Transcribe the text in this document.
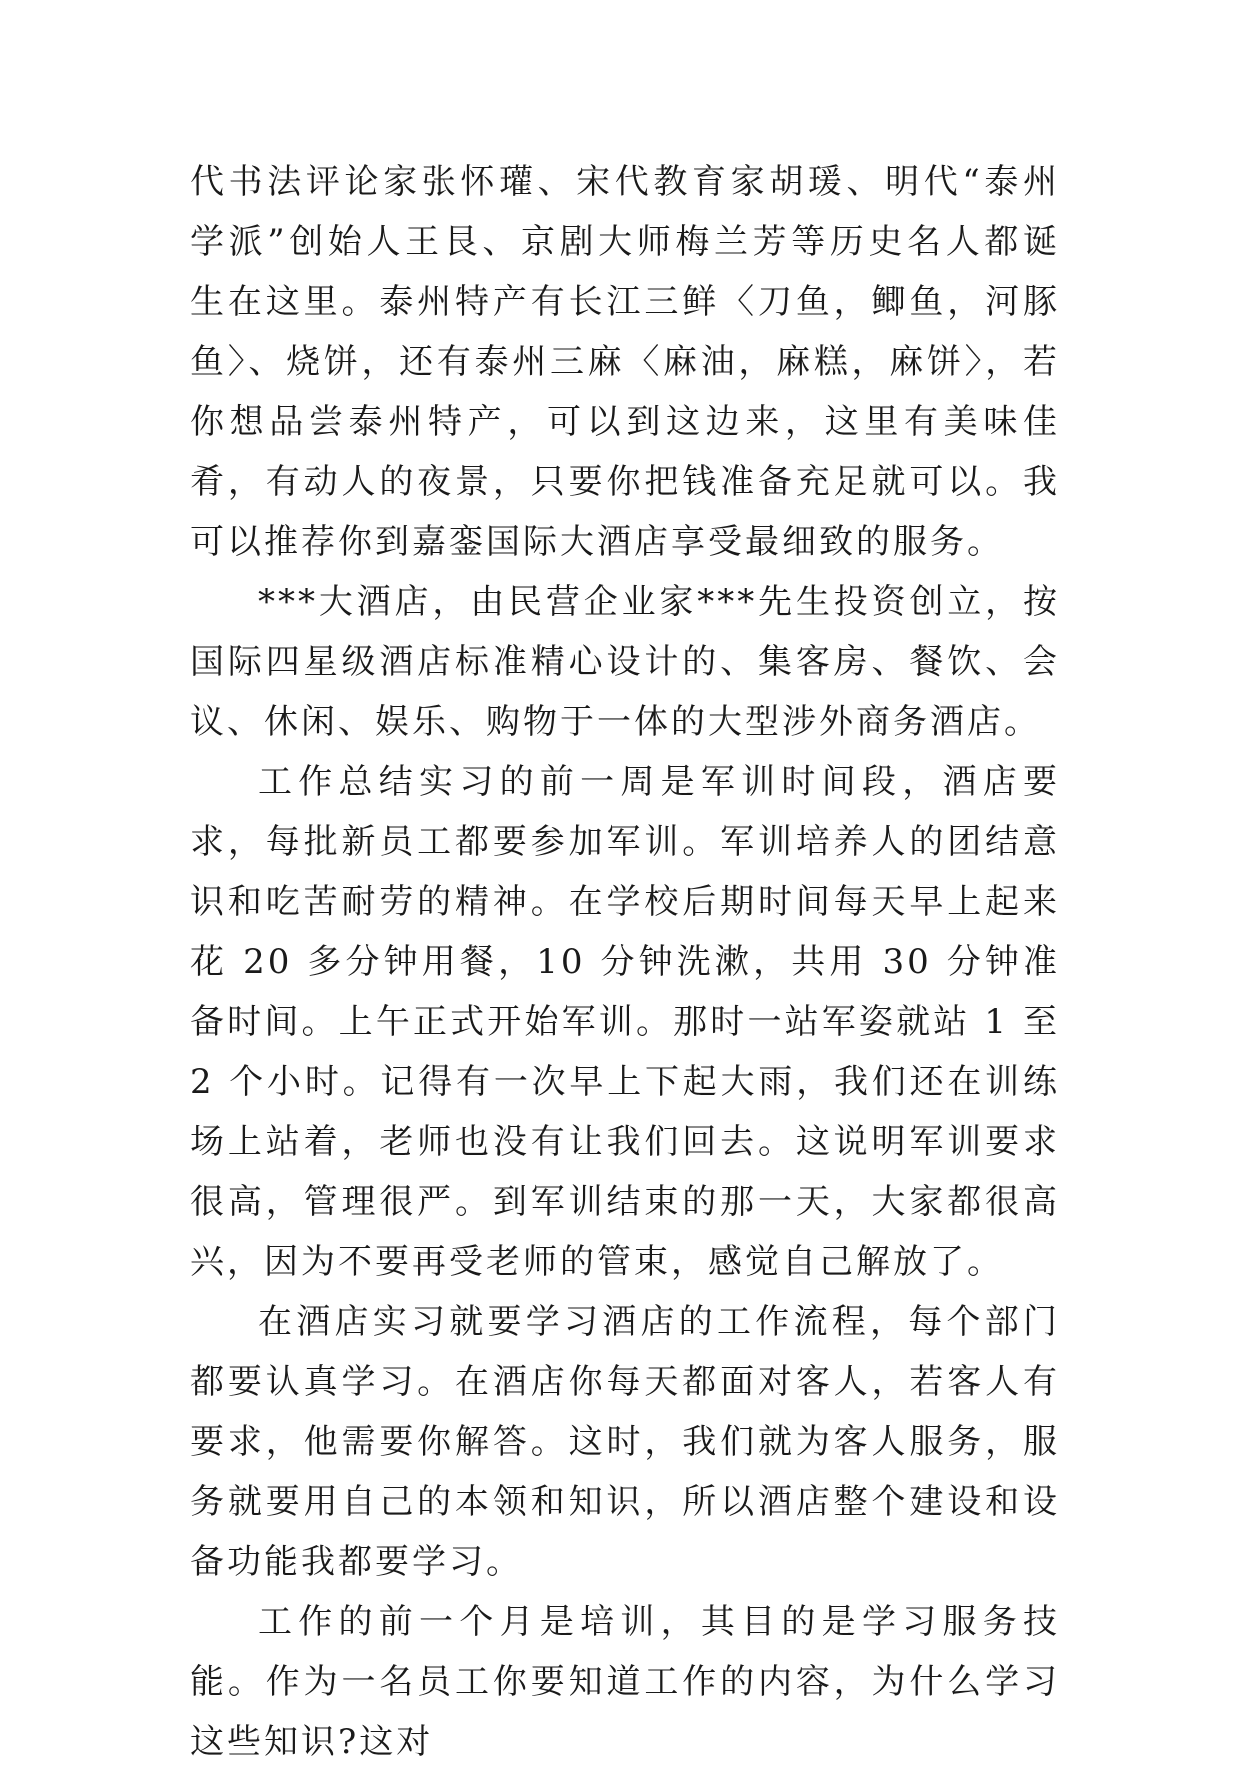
代书法评论家张怀瓘、宋代教育家胡瑗、明代“泰州学派”创始人王艮、京剧大师梅兰芳等历史名人都诞生在这里。泰州特产有长江三鲜〈刀鱼，鲫鱼，河豚鱼〉、烧饼，还有泰州三麻〈麻油，麻糕，麻饼〉，若你想品尝泰州特产，可以到这边来，这里有美味佳肴，有动人的夜景，只要你把钱准备充足就可以。我可以推荐你到嘉銮国际大酒店享受最细致的服务。

***大酒店，由民营企业家***先生投资创立，按国际四星级酒店标准精心设计的、集客房、餐饮、会议、休闲、娱乐、购物于一体的大型涉外商务酒店。

工作总结实习的前一周是军训时间段，酒店要求，每批新员工都要参加军训。军训培养人的团结意识和吃苦耐劳的精神。在学校后期时间每天早上起来花 20 多分钟用餐，10 分钟洗漱，共用 30 分钟准备时间。上午正式开始军训。那时一站军姿就站 1 至 2 个小时。记得有一次早上下起大雨，我们还在训练场上站着，老师也没有让我们回去。这说明军训要求很高，管理很严。到军训结束的那一天，大家都很高兴，因为不要再受老师的管束，感觉自己解放了。

在酒店实习就要学习酒店的工作流程，每个部门都要认真学习。在酒店你每天都面对客人，若客人有要求，他需要你解答。这时，我们就为客人服务，服务就要用自己的本领和知识，所以酒店整个建设和设备功能我都要学习。

工作的前一个月是培训，其目的是学习服务技能。作为一名员工你要知道工作的内容，为什么学习这些知识?这对
